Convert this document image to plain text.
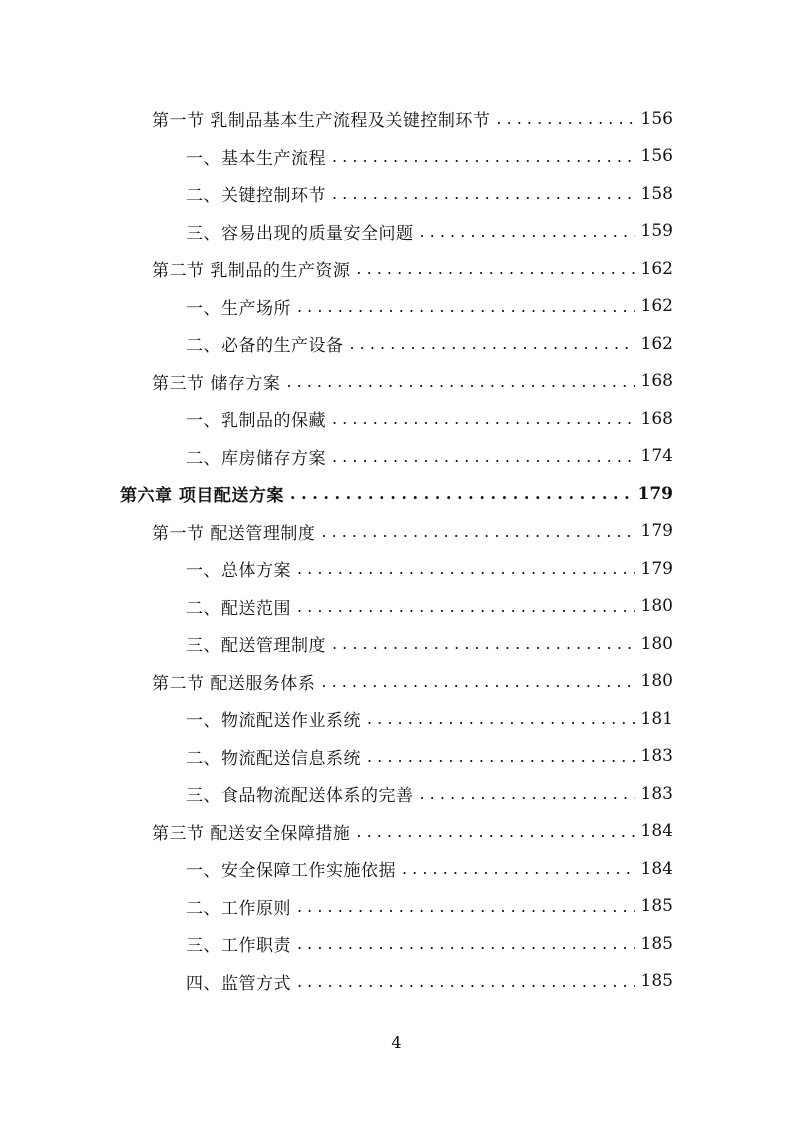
第一节 乳制品基本生产流程及关键控制环节 . . .	156
一、基本生产流程 . . .	156
二、关键控制环节 . . .	158
三、容易出现的质量安全问题 . . .	159
第二节 乳制品的生产资源 . . .	162
一、生产场所 . . .	162
二、必备的生产设备 . . .	162
第三节 储存方案 . . .	168
一、乳制品的保藏 . . .	168
二、库房储存方案 . . .	174
第六章 项目配送方案 . . .	179
第一节 配送管理制度 . . .	179
一、总体方案 . . .	179
二、配送范围 . . .	180
三、配送管理制度 . . .	180
第二节 配送服务体系 . . .	180
一、物流配送作业系统 . . .	181
二、物流配送信息系统 . . .	183
三、食品物流配送体系的完善 . . .	183
第三节 配送安全保障措施 . . .	184
一、安全保障工作实施依据 . . .	184
二、工作原则 . . .	185
三、工作职责 . . .	185
四、监管方式 . . .	185
4
